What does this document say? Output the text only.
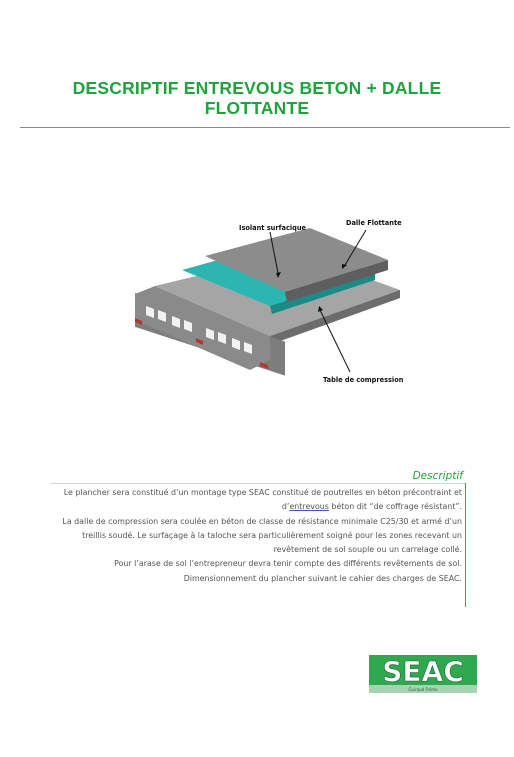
DESCRIPTIF ENTREVOUS BETON + DALLE FLOTTANTE
Isolant surfacique
Dalle Flottante
Table de compression
Descriptif

Le plancher sera constitué d’un montage type SEAC constitué de poutrelles en béton précontraint et d’entrevous béton dit “de coffrage résistant”.

La dalle de compression sera coulée en béton de classe de résistance minimale C25/30 et armé d’un treillis soudé. Le surfaçage à la taloche sera particulièrement soigné pour les zones recevant un revêtement de sol souple ou un carrelage collé.

Pour l’arase de sol l’entrepreneur devra tenir compte des différents revêtements de sol. Dimensionnement du plancher suivant le cahier des charges de SEAC.

SEAC
Guiraud Frères
